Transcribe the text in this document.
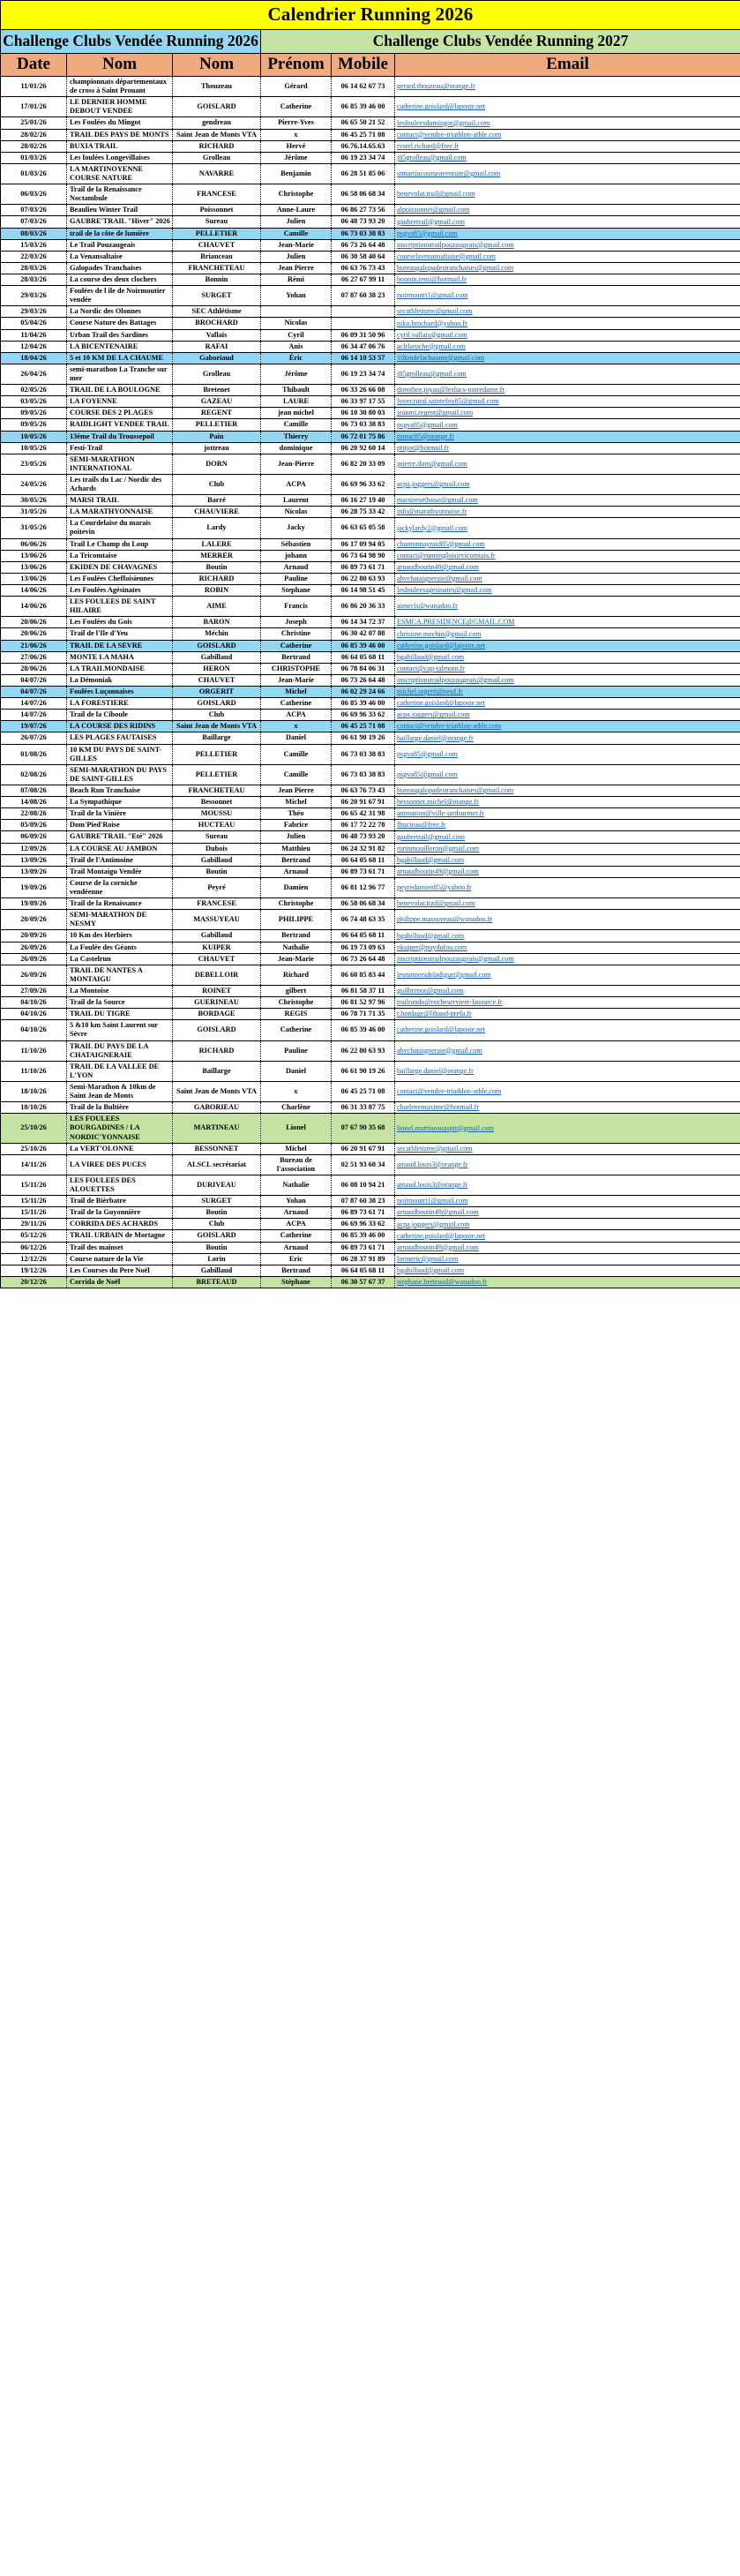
Calendrier Running 2026					
Challenge Clubs Vendée Running 2026			Challenge Clubs Vendée Running 2027		
Date	Nom	Nom	Prénom	Mobile	Email
11/01/26	championnats départementaux de cross à Saint Prouant	Thouzeau	Gérard	06 14 62 67 73	gerard.thouzeau@orange.fr
17/01/26	LE DERNIER HOMME DEBOUT VENDEE	GOISLARD	Catherine	06 85 39 46 00	catherine.goislard@laposte.net
25/01/26	Les Foulées du Mingot	gendreau	Pierre-Yves	06 65 50 21 52	lesfouleesdumingot@gmail.com
28/02/26	TRAIL DES PAYS DE MONTS	Saint Jean de Monts VTA	x	06 45 25 71 08	contact@vendee-triathlon-athle.com
28/02/26	BUXIA TRAIL	RICHARD	Hervé	06.76.14.65.63	rvstel.richard@free.fr
01/03/26	Les foulées Longevillaises	Grolleau	Jérôme	06 19 23 34 74	j85grolleau@gmail.com
01/03/26	LA MARTINOYENNE COURSE NATURE	NAVARRE	Benjamin	06 28 51 85 06	stmartincourseaventure@gmail.com
06/03/26	Trail de la Renaissance Noctambule	FRANCESE	Christophe	06 58 06 68 34	benevolat.trail@gmail.com
07/03/26	Beaulieu Winter Trail	Poissonnet	Anne-Laure	06 86 27 73 56	alpoissonnet@gmail.com
07/03/26	GAUBRE'TRAIL "Hiver" 2026	Sureau	Julien	06 48 73 93 20	gaubretrail@gmail.com
08/03/26	trail de la côte de lumière	PELLETIER	Camille	06 73 03 38 83	psgva85@gmail.com
15/03/26	Le Trail Pouzaugeais	CHAUVET	Jean-Marie	06 73 26 64 48	inscriptionstrailpouzaugeais@gmail.com
22/03/26	La Venansaltaise	Brianceau	Julien	06 30 58 40 64	courselavenansaltaise@gmail.com
28/03/26	Galopades Tranchaises	FRANCHETEAU	Jean Pierre	06 63 76 73 43	bureaugalopadestranchaises@gmail.com
28/03/26	La course des deux clochers	Bonnin	Rémi	06 27 67 99 11	bonnin.remi@hotmail.fr
29/03/26	Foulées de l ile de Noirmoutier vendée	SURGET	Yohan	07 87 60 38 23	noirmoutri1@gmail.com
29/03/26	La Nordic des Olonnes	SEC Athlétisme			secathletisme@gmail.com
05/04/26	Course Nature des Battages	BROCHARD	Nicolas		niko.brochard@yahoo.fr
11/04/26	Urban Trail des Sardines	Vallais	Cyril	06 09 31 50 96	cyril.vallais@gmail.com
12/04/26	LA BICENTENAIRE	RAFAI	Anis	06 34 47 06 76	aclrlaroche@gmail.com
18/04/26	5 et 10 KM DE LA CHAUME	Gaboriaud	Éric	06 14 10 53 57	10kmdelachaume@gmail.com
26/04/26	semi-marathon La Tranche sur mer	Grolleau	Jérôme	06 19 23 34 74	j85grolleau@gmail.com
02/05/26	TRAIL DE LA BOULOGNE	Bretenet	Thibault	06 33 26 66 08	dorothee.joyau@leslucs-notredame.fr
03/05/26	LA FOYENNE	GAZEAU	LAURE	06 33 97 17 55	foyer.rural.saintefoy85@gmail.com
09/05/26	COURSE DES 2 PLAGES	REGENT	jean michel	06 10 30 80 03	jeanmi.regent@gmail.com
09/05/26	RAIDLIGHT VENDEE TRAIL	PELLETIER	Camille	06 73 03 38 83	psgva85@gmail.com
10/05/26	13ème Trail du Troussepoil	Pain	Thierry	06 72 01 75 86	mmac85@orange.fr
10/05/26	Festi-Trail	jottreau	dominique	06 20 92 60 14	ptitjot@hotmail.fr
23/05/26	SEMI-MARATHON INTERNATIONAL	DORN	Jean-Pierre	06 82 20 33 09	jpierre.dorn@gmail.com
24/05/26	Les trails du Lac / Nordic des Achards	Club	ACPA	06 69 96 33 62	acpa.joggers@gmail.com
30/05/26	MARSI TRAIL	Barré	Laurent	06 16 27 19 40	marsireorthaise@gmail.com
31/05/26	LA MARATHYONNAISE	CHAUVIERE	Nicolas	06 28 75 33 42	info@marathyonnaise.fr
31/05/26	La Courdelaise du marais poitevin	Lardy	Jacky	06 63 65 05 58	jackylardy2@gmail.com
06/06/26	Trail Le Champ du Loup	LALERE	Sébastien	06 17 09 94 05	chantonnayraid85@gmail.com
13/06/26	La Tricomtaise	MERRER	johann	06 73 64 98 90	contact@runningloisirvicomtais.fr
13/06/26	EKIDEN DE CHAVAGNES	Boutin	Arnaud	06 89 73 61 71	arnaudboutin49@gmail.com
13/06/26	Les Foulées Cheffoisiennes	RICHARD	Pauline	06 22 80 63 93	abvchataigneraie@gmail.com
14/06/26	Les Foulées Agésinates	ROBIN	Stephane	06 14 98 51 45	lesfouleesagesinates@gmail.com
14/06/26	LES FOULEES DE SAINT HILAIRE	AIME	Francis	06 86 20 36 33	aimecis@wanadoo.fr
20/06/26	Les Foulées du Gois	BARON	Joseph	06 14 34 72 37	ESMCA.PRESIDENCE@GMAIL.COM
20/06/26	Trail de l'Ile d'Yeu	Méchin	Christine	06 30 42 07 88	chrisitne.mechin@gmail.com
21/06/26	TRAIL DE LA SEVRE	GOISLARD	Catherine	06 85 39 46 00	catherine.goislard@laposte.net
27/06/26	MONTE LA MAHA	Gabillaud	Bertrand	06 64 05 68 11	bgabillaud@gmail.com
28/06/26	LA TRAILMONDAISE	HERON	CHRISTOPHE	06 78 84 06 31	contact@cap-talmont.fr
04/07/26	La Démoniak	CHAUVET	Jean-Marie	06 73 26 64 48	inscriptionstrailpouzaugeais@gmail.com
04/07/26	Foulées Luçonnaises	ORGERIT	Michel	06 02 29 24 66	michel.orgerit@neuf.fr
14/07/26	LA FORESTIERE	GOISLARD	Catherine	06 85 39 46 00	catherine.goislard@laposte.net
14/07/26	Trail de la Ciboule	Club	ACPA	06 69 96 33 62	acpa.joggers@gmail.com
19/07/26	LA COURSE DES RIDINS	Saint Jean de Monts VTA	x	06 45 25 71 08	contact@vendee-triathlon-athle.com
26/07/26	LES PLAGES FAUTAISES	Baillarge	Daniel	06 61 90 19 26	baillarge.daniel@orange.fr
01/08/26	10 KM DU PAYS DE SAINT-GILLES	PELLETIER	Camille	06 73 03 38 83	psgva85@gmail.com
02/08/26	SEMI-MARATHON DU PAYS DE SAINT-GILLES	PELLETIER	Camille	06 73 03 38 83	psgva85@gmail.com
07/08/26	Beach Run Tranchaise	FRANCHETEAU	Jean Pierre	06 63 76 73 43	bureaugalopadestranchaises@gmail.com
14/08/26	La Sympathique	Bessonnet	Michel	06 20 91 67 91	bessonnet.michel@orange.fr
22/08/26	Trail de la Vinière	MOUSSU	Théo	06 65 42 31 98	animation@ville-jardsurmer.fr
05/09/26	Dom'Pied'Roise	HUCTEAU	Fabrice	06 17 72 22 78	fhucteau@free.fr
06/09/26	GAUBRE'TRAIL "Eté" 2026	Sureau	Julien	06 48 73 93 20	gaubretrail@gmail.com
12/09/26	LA COURSE AU JAMBON	Dubois	Matthieu	06 24 32 91 82	rurinmouilleron@gmail.com
13/09/26	Trail de l'Antimoine	Gabillaud	Bertrand	06 64 05 68 11	bgabillaud@gmail.com
13/09/26	Trail Montaigu Vendée	Boutin	Arnaud	06 89 73 61 71	arnaudboutin49@gmail.com
19/09/26	Course de la corniche vendéenne	Peyré	Damien	06 81 12 96 77	peyredamien85@yahoo.fr
19/09/26	Trail de la Renaissance	FRANCESE	Christophe	06 58 06 68 34	benevolat.trail@gmail.com
20/09/26	SEMI-MARATHON DE NESMY	MASSUYEAU	PHILIPPE	06 74 48 63 35	philippe.massuyeau@wanadoo.fr
20/09/26	10 Km des Herbiers	Gabillaud	Bertrand	06 64 05 68 11	bgabillaud@gmail.com
26/09/26	La Foulée des Géants	KUIPER	Nathalie	06 19 73 09 63	nkuiper@puydufou.com
26/09/26	La Castelrun	CHAUVET	Jean-Marie	06 73 26 64 48	inscriptionstrailpouzaugeais@gmail.com
26/09/26	TRAIL DE NANTES A MONTAIGU	DEBELLOIR	Richard	06 60 85 83 44	lesrunnersdeladigue@gmail.com
27/09/26	La Montoise	ROINET	gilbert	06 81 58 37 11	guilbrenor@gmail.com
04/10/26	Trail de la Source	GUERINEAU	Christophe	06 81 52 97 96	trailrando@rocheserviere-lasource.fr
04/10/26	TRAIL DU TIGRE	BORDAGE	REGIS	06 78 71 71 35	r.bordage@libaud-prefa.fr
04/10/26	5 &10 km Saint Laurent sur Sèvre	GOISLARD	Catherine	06 85 39 46 00	catherine.goislard@laposte.net
11/10/26	TRAIL DU PAYS DE LA CHATAIGNERAIE	RICHARD	Pauline	06 22 80 63 93	abvchataigneraie@gmail.com
11/10/26	TRAIL DE LA VALLEE DE L'YON	Baillarge	Daniel	06 61 90 19 26	baillarge.daniel@orange.fr
18/10/26	Semi-Marathon & 10km de Saint Jean de Monts	Saint Jean de Monts VTA	x	06 45 25 71 08	contact@vendee-triathlon-athle.com
18/10/26	Trail de la Bultière	GABORIEAU	Charlène	06 31 33 87 75	charlenemaxime@hotmail.fr
25/10/26	LES FOULEES BOURGADINES / LA NORDIC'YONNAISE	MARTINEAU	Lionel	07 67 90 35 68	lionel.martineauasptt@gmail.com
25/10/26	La VERT'OLONNE	BESSONNET	Michel	06 20 91 67 91	secathletisme@gmail.com
14/11/26	LA VIREE DES PUCES	ALSCL secrétariat	Bureau de l'association	02 51 93 60 34	amaud.louis3@orange.fr
15/11/26	LES FOULEES DES ALOUETTES	DURIVEAU	Nathalie	06 08 10 94 21	amaud.louis3@orange.fr
15/11/26	Trail de Bièrbatre	SURGET	Yohan	07 87 60 38 23	noirmoutri1@gmail.com
15/11/26	Trail de la Guyonnière	Boutin	Arnaud	06 89 73 61 71	arnaudboutin49@gmail.com
29/11/26	CORRIDA DES ACHARDS	Club	ACPA	06 69 96 33 62	acpa.joggers@gmail.com
05/12/26	TRAIL URBAIN de Mortagne	GOISLARD	Catherine	06 85 39 46 00	catherine.goislard@laposte.net
06/12/26	Trail des mainset	Boutin	Arnaud	06 89 73 61 71	arnaudboutin49@gmail.com
12/12/26	Course nature de la Vie	Lorin	Eric	06 28 37 91 89	lorineric@gmail.com
19/12/26	Les Courses du Pere Noël	Gabillaud	Bertrand	06 64 05 68 11	bgabillaud@gmail.com
20/12/26	Corrida de Noël	BRETEAUD	Stéphane	06 30 57 67 37	stephane.breteaud@wanadoo.fr
